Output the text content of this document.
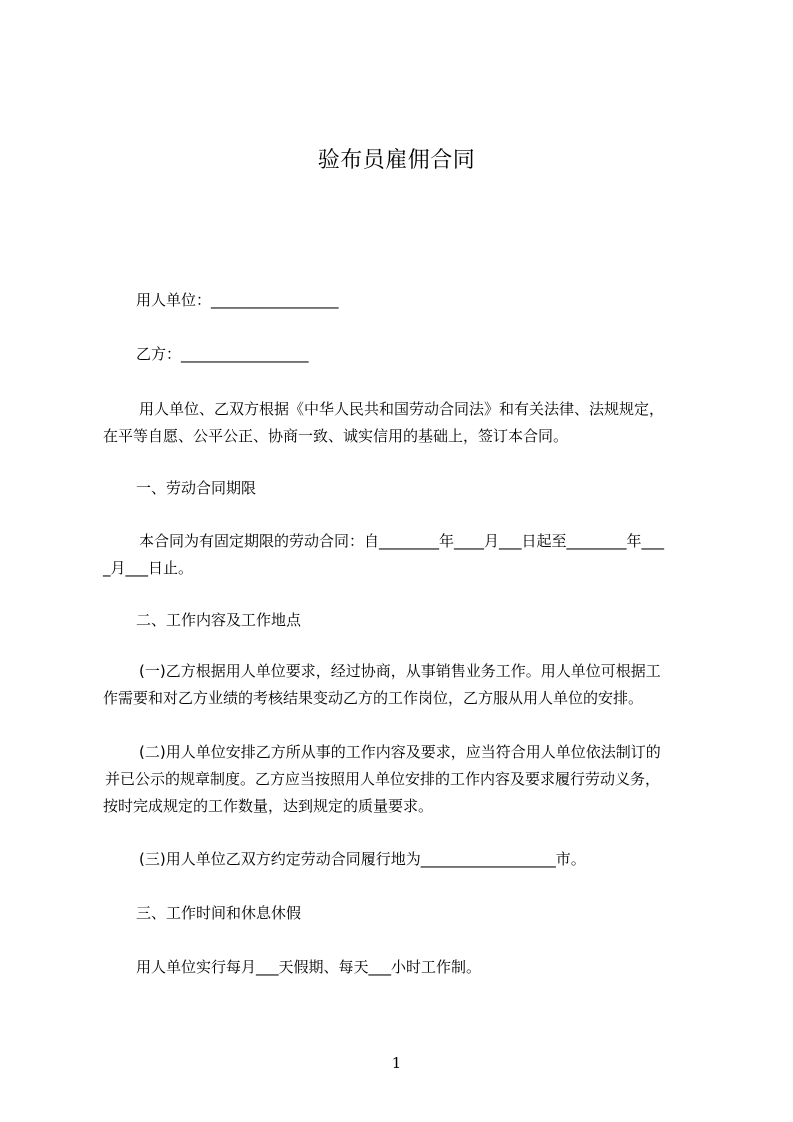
验布员雇佣合同
用人单位：_________________
乙方：_________________

用人单位、乙双方根据《中华人民共和国劳动合同法》和有关法律、法规规定，

在平等自愿、公平公正、协商一致、诚实信用的基础上，签订本合同。

一、劳动合同期限

本合同为有固定期限的劳动合同：自________年____月___日起至________年___

_月___日止。

二、工作内容及工作地点

(一)乙方根据用人单位要求，经过协商，从事销售业务工作。用人单位可根据工

作需要和对乙方业绩的考核结果变动乙方的工作岗位，乙方服从用人单位的安排。

(二)用人单位安排乙方所从事的工作内容及要求，应当符合用人单位依法制订的

并已公示的规章制度。乙方应当按照用人单位安排的工作内容及要求履行劳动义务，

按时完成规定的工作数量，达到规定的质量要求。

(三)用人单位乙双方约定劳动合同履行地为__________________市。
三、工作时间和休息休假
用人单位实行每月___天假期、每天___小时工作制。
1
